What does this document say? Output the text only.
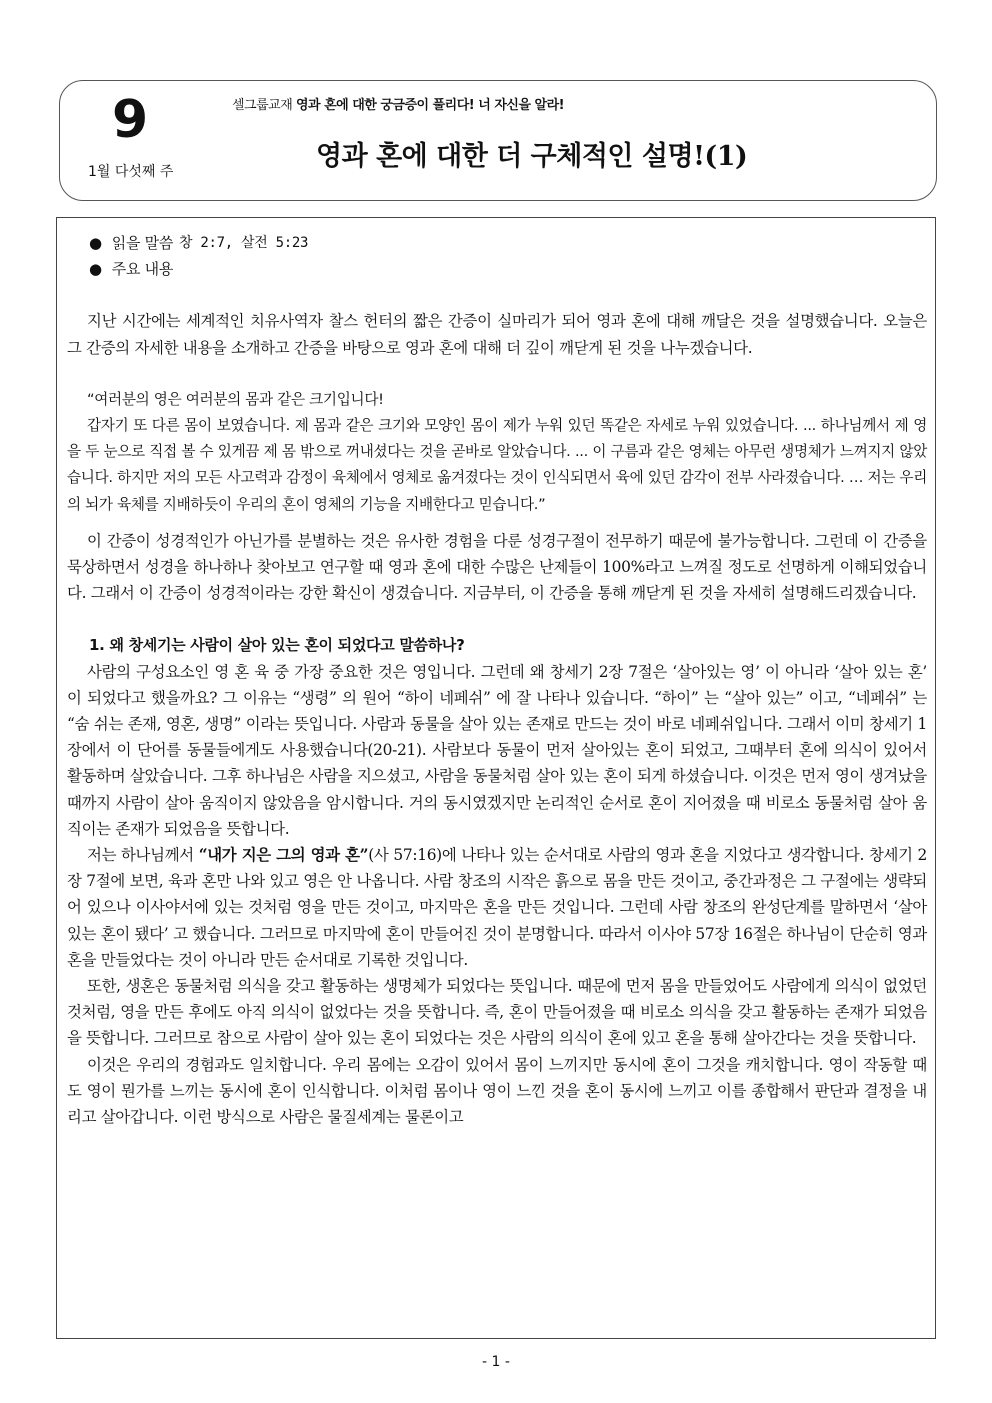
9
1월 다섯째 주
셀그룹교재 영과 혼에 대한 궁금증이 풀리다! 너 자신을 알라!
영과 혼에 대한 더 구체적인 설명!(1)
● 읽을 말씀 창 2:7, 살전 5:23
● 주요 내용

지난 시간에는 세계적인 치유사역자 찰스 헌터의 짧은 간증이 실마리가 되어 영과 혼에 대해 깨달은 것을 설명했습니다. 오늘은 그 간증의 자세한 내용을 소개하고 간증을 바탕으로 영과 혼에 대해 더 깊이 깨닫게 된 것을 나누겠습니다.

“여러분의 영은 여러분의 몸과 같은 크기입니다!

갑자기 또 다른 몸이 보였습니다. 제 몸과 같은 크기와 모양인 몸이 제가 누워 있던 똑같은 자세로 누워 있었습니다. ... 하나님께서 제 영을 두 눈으로 직접 볼 수 있게끔 제 몸 밖으로 꺼내셨다는 것을 곧바로 알았습니다. ... 이 구름과 같은 영체는 아무런 생명체가 느껴지지 않았습니다. 하지만 저의 모든 사고력과 감정이 육체에서 영체로 옮겨졌다는 것이 인식되면서 육에 있던 감각이 전부 사라졌습니다. … 저는 우리의 뇌가 육체를 지배하듯이 우리의 혼이 영체의 기능을 지배한다고 믿습니다.”

이 간증이 성경적인가 아닌가를 분별하는 것은 유사한 경험을 다룬 성경구절이 전무하기 때문에 불가능합니다. 그런데 이 간증을 묵상하면서 성경을 하나하나 찾아보고 연구할 때 영과 혼에 대한 수많은 난제들이 100%라고 느껴질 정도로 선명하게 이해되었습니다. 그래서 이 간증이 성경적이라는 강한 확신이 생겼습니다. 지금부터, 이 간증을 통해 깨닫게 된 것을 자세히 설명해드리겠습니다.

1. 왜 창세기는 사람이 살아 있는 혼이 되었다고 말씀하나?

사람의 구성요소인 영 혼 육 중 가장 중요한 것은 영입니다. 그런데 왜 창세기 2장 7절은 ‘살아있는 영’ 이 아니라 ‘살아 있는 혼’ 이 되었다고 했을까요? 그 이유는 “생령” 의 원어 “하이 네페쉬” 에 잘 나타나 있습니다. “하이” 는 “살아 있는” 이고, “네페쉬” 는 “숨 쉬는 존재, 영혼, 생명” 이라는 뜻입니다. 사람과 동물을 살아 있는 존재로 만드는 것이 바로 네페쉬입니다. 그래서 이미 창세기 1장에서 이 단어를 동물들에게도 사용했습니다(20-21). 사람보다 동물이 먼저 살아있는 혼이 되었고, 그때부터 혼에 의식이 있어서 활동하며 살았습니다. 그후 하나님은 사람을 지으셨고, 사람을 동물처럼 살아 있는 혼이 되게 하셨습니다. 이것은 먼저 영이 생겨났을 때까지 사람이 살아 움직이지 않았음을 암시합니다. 거의 동시였겠지만 논리적인 순서로 혼이 지어졌을 때 비로소 동물처럼 살아 움직이는 존재가 되었음을 뜻합니다.

저는 하나님께서 “내가 지은 그의 영과 혼”(사 57:16)에 나타나 있는 순서대로 사람의 영과 혼을 지었다고 생각합니다. 창세기 2장 7절에 보면, 육과 혼만 나와 있고 영은 안 나옵니다. 사람 창조의 시작은 흙으로 몸을 만든 것이고, 중간과정은 그 구절에는 생략되어 있으나 이사야서에 있는 것처럼 영을 만든 것이고, 마지막은 혼을 만든 것입니다. 그런데 사람 창조의 완성단계를 말하면서 ‘살아 있는 혼이 됐다’ 고 했습니다. 그러므로 마지막에 혼이 만들어진 것이 분명합니다. 따라서 이사야 57장 16절은 하나님이 단순히 영과 혼을 만들었다는 것이 아니라 만든 순서대로 기록한 것입니다.

또한, 생혼은 동물처럼 의식을 갖고 활동하는 생명체가 되었다는 뜻입니다. 때문에 먼저 몸을 만들었어도 사람에게 의식이 없었던 것처럼, 영을 만든 후에도 아직 의식이 없었다는 것을 뜻합니다. 즉, 혼이 만들어졌을 때 비로소 의식을 갖고 활동하는 존재가 되었음을 뜻합니다. 그러므로 참으로 사람이 살아 있는 혼이 되었다는 것은 사람의 의식이 혼에 있고 혼을 통해 살아간다는 것을 뜻합니다.

이것은 우리의 경험과도 일치합니다. 우리 몸에는 오감이 있어서 몸이 느끼지만 동시에 혼이 그것을 캐치합니다. 영이 작동할 때도 영이 뭔가를 느끼는 동시에 혼이 인식합니다. 이처럼 몸이나 영이 느낀 것을 혼이 동시에 느끼고 이를 종합해서 판단과 결정을 내리고 살아갑니다. 이런 방식으로 사람은 물질세계는 물론이고

- 1 -
